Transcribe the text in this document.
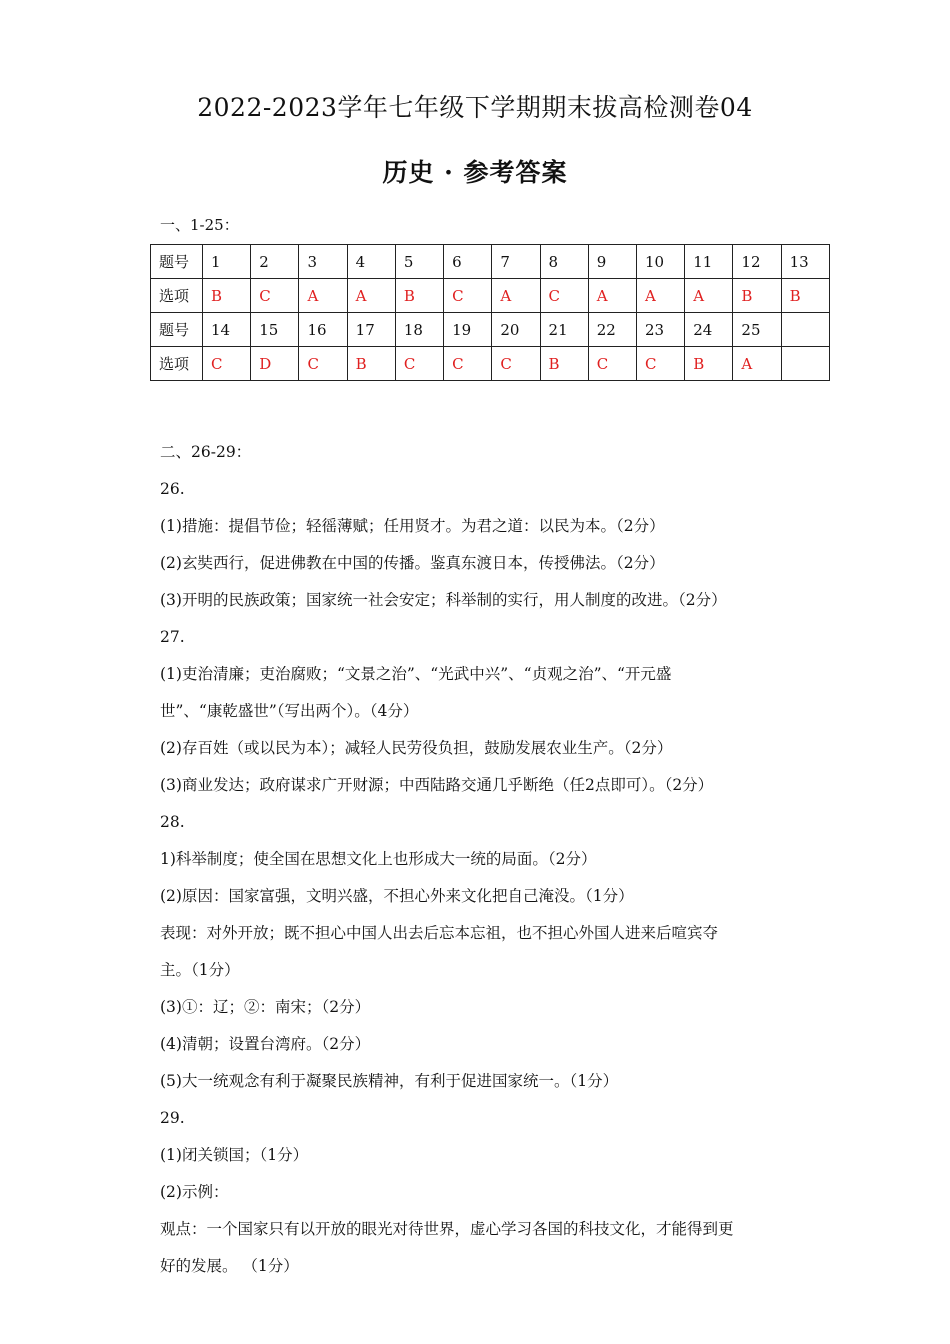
2022-2023学年七年级下学期期末拔高检测卷04
历史 · 参考答案
一、1-25：
题号	1	2	3	4	5	6	7	8	9	10	11	12	13
选项	B	C	A	A	B	C	A	C	A	A	A	B	B
题号	14	15	16	17	18	19	20	21	22	23	24	25	
选项	C	D	C	B	C	C	C	B	C	C	B	A	

二、26-29：

26.

(1)措施：提倡节俭；轻徭薄赋；任用贤才。为君之道：以民为本。（2分）

(2)玄奘西行，促进佛教在中国的传播。鉴真东渡日本，传授佛法。（2分）

(3)开明的民族政策；国家统一社会安定；科举制的实行，用人制度的改进。（2分）

27.

(1)吏治清廉；吏治腐败；“文景之治”、“光武中兴”、“贞观之治”、“开元盛

世”、“康乾盛世”（写出两个）。（4分）

(2)存百姓（或以民为本）；减轻人民劳役负担，鼓励发展农业生产。（2分）

(3)商业发达；政府谋求广开财源；中西陆路交通几乎断绝（任2点即可）。（2分）

28.

1)科举制度；使全国在思想文化上也形成大一统的局面。（2分）

(2)原因：国家富强，文明兴盛，不担心外来文化把自己淹没。（1分）

表现：对外开放；既不担心中国人出去后忘本忘祖，也不担心外国人进来后喧宾夺

主。（1分）

(3)①：辽；②：南宋；（2分）

(4)清朝；设置台湾府。（2分）

(5)大一统观念有利于凝聚民族精神，有利于促进国家统一。（1分）

29.

(1)闭关锁国；（1分）

(2)示例：

观点：一个国家只有以开放的眼光对待世界，虚心学习各国的科技文化，才能得到更

好的发展。 （1分）
